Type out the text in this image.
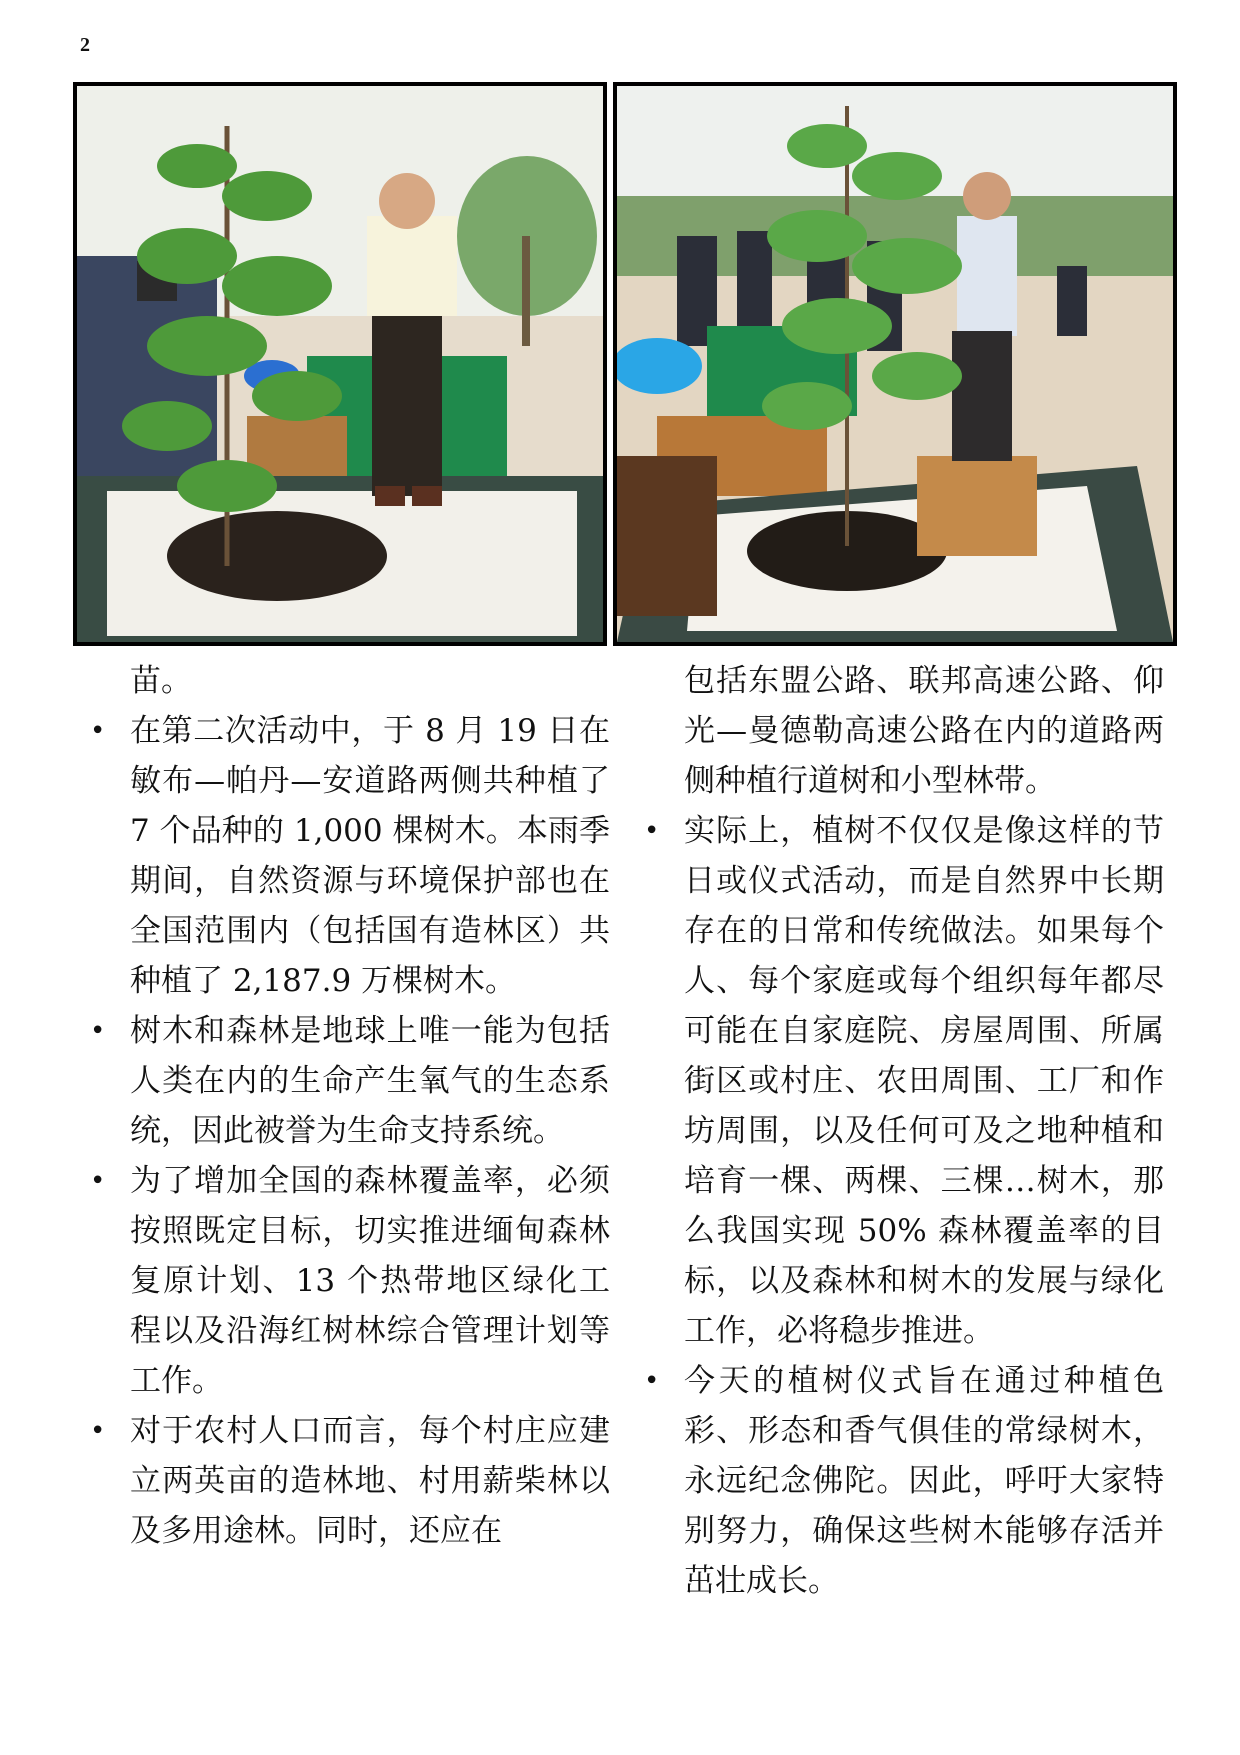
2

苗。

• 在第二次活动中，于 8 月 19 日在敏布—帕丹—安道路两侧共种植了 7 个品种的 1,000 棵树木。本雨季期间，自然资源与环境保护部也在全国范围内（包括国有造林区）共种植了 2,187.9 万棵树木。

• 树木和森林是地球上唯一能为包括人类在内的生命产生氧气的生态系统，因此被誉为生命支持系统。

• 为了增加全国的森林覆盖率，必须按照既定目标，切实推进缅甸森林复原计划、13 个热带地区绿化工程以及沿海红树林综合管理计划等工作。

• 对于农村人口而言，每个村庄应建立两英亩的造林地、村用薪柴林以及多用途林。同时，还应在

包括东盟公路、联邦高速公路、仰光—曼德勒高速公路在内的道路两侧种植行道树和小型林带。

• 实际上，植树不仅仅是像这样的节日或仪式活动，而是自然界中长期存在的日常和传统做法。如果每个人、每个家庭或每个组织每年都尽可能在自家庭院、房屋周围、所属街区或村庄、农田周围、工厂和作坊周围，以及任何可及之地种植和培育一棵、两棵、三棵…树木，那么我国实现 50% 森林覆盖率的目标，以及森林和树木的发展与绿化工作，必将稳步推进。

• 今天的植树仪式旨在通过种植色彩、形态和香气俱佳的常绿树木，永远纪念佛陀。因此，呼吁大家特别努力，确保这些树木能够存活并茁壮成长。
